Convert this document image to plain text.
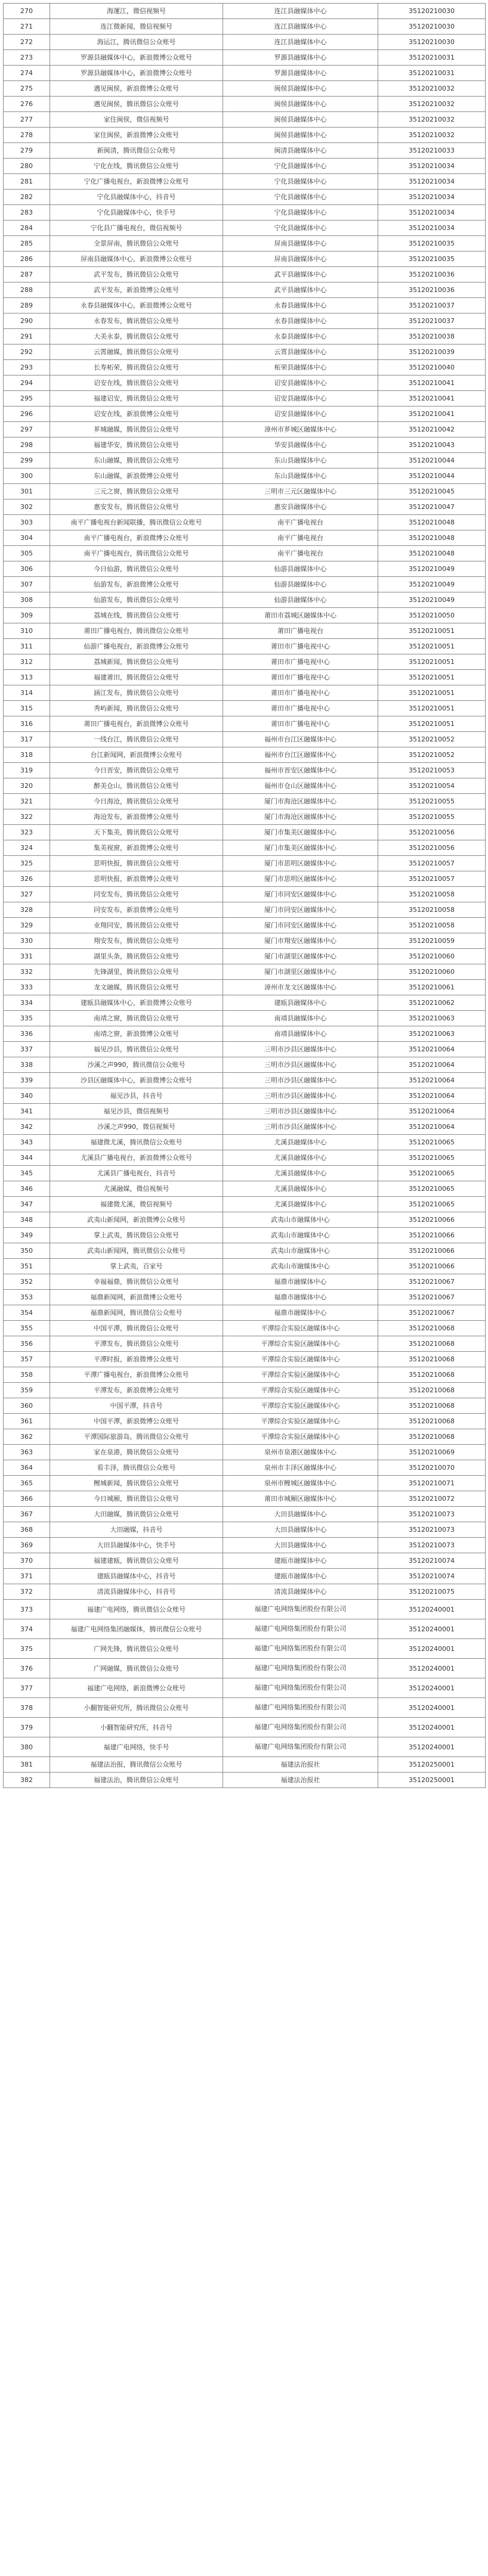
270	海運江，微信视频号	连江县融媒体中心	35120210030
271	连江微新闻，微信视频号	连江县融媒体中心	35120210030
272	海运江，腾讯微信公众账号	连江县融媒体中心	35120210030
273	罗源县融媒体中心，新浪微博公众账号	罗源县融媒体中心	35120210031
274	罗源县融媒体中心，新浪微博公众账号	罗源县融媒体中心	35120210031
275	遇见闽侯，新浪微博公众账号	闽侯县融媒体中心	35120210032
276	遇见闽侯，腾讯微信公众账号	闽侯县融媒体中心	35120210032
277	家住闽侯，微信视频号	闽侯县融媒体中心	35120210032
278	家住闽侯，新浪微博公众账号	闽侯县融媒体中心	35120210032
279	新闽清，腾讯微信公众账号	闽清县融媒体中心	35120210033
280	宁化在线，腾讯微信公众账号	宁化县融媒体中心	35120210034
281	宁化广播电视台，新浪微博公众账号	宁化县融媒体中心	35120210034
282	宁化县融媒体中心，抖音号	宁化县融媒体中心	35120210034
283	宁化县融媒体中心，快手号	宁化县融媒体中心	35120210034
284	宁化县广播电视台，微信视频号	宁化县融媒体中心	35120210034
285	全景屏南，腾讯微信公众账号	屏南县融媒体中心	35120210035
286	屏南县融媒体中心，新浪微博公众账号	屏南县融媒体中心	35120210035
287	武平发布，腾讯微信公众账号	武平县融媒体中心	35120210036
288	武平发布，新浪微博公众账号	武平县融媒体中心	35120210036
289	永春县融媒体中心，新浪微博公众账号	永春县融媒体中心	35120210037
290	永春发布，腾讯微信公众账号	永春县融媒体中心	35120210037
291	大美永泰，腾讯微信公众账号	永泰县融媒体中心	35120210038
292	云霄融媒，腾讯微信公众账号	云霄县融媒体中心	35120210039
293	长寿柘荣，腾讯微信公众账号	柘荣县融媒体中心	35120210040
294	诏安在线，腾讯微信公众账号	诏安县融媒体中心	35120210041
295	福建诏安，腾讯微信公众账号	诏安县融媒体中心	35120210041
296	诏安在线，新浪微博公众账号	诏安县融媒体中心	35120210041
297	芗城融媒，腾讯微信公众账号	漳州市芗城区融媒体中心	35120210042
298	福建华安，腾讯微信公众账号	华安县融媒体中心	35120210043
299	东山融媒，腾讯微信公众账号	东山县融媒体中心	35120210044
300	东山融媒，新浪微博公众账号	东山县融媒体中心	35120210044
301	三元之窗，腾讯微信公众账号	三明市三元区融媒体中心	35120210045
302	惠安发布，腾讯微信公众账号	惠安县融媒体中心	35120210047
303	南平广播电视台新闻联播，腾讯微信公众账号	南平广播电视台	35120210048
304	南平广播电视台，新浪微博公众账号	南平广播电视台	35120210048
305	南平广播电视台，腾讯微信公众账号	南平广播电视台	35120210048
306	今日仙游，腾讯微信公众账号	仙游县融媒体中心	35120210049
307	仙游发布，新浪微博公众账号	仙游县融媒体中心	35120210049
308	仙游发布，腾讯微信公众账号	仙游县融媒体中心	35120210049
309	荔城在线，腾讯微信公众账号	莆田市荔城区融媒体中心	35120210050
310	莆田广播电视台，腾讯微信公众账号	莆田广播电视台	35120210051
311	仙游广播电视台，新浪微博公众账号	莆田市广播电视中心	35120210051
312	荔城新闻，腾讯微信公众账号	莆田市广播电视中心	35120210051
313	福建莆田，腾讯微信公众账号	莆田市广播电视中心	35120210051
314	涵江发布，腾讯微信公众账号	莆田市广播电视中心	35120210051
315	秀屿新闻，腾讯微信公众账号	莆田市广播电视中心	35120210051
316	莆田广播电视台，新浪微博公众账号	莆田市广播电视中心	35120210051
317	一线台江，腾讯微信公众账号	福州市台江区融媒体中心	35120210052
318	台江新闻网，新浪微博公众账号	福州市台江区融媒体中心	35120210052
319	今日晋安，腾讯微信公众账号	福州市晋安区融媒体中心	35120210053
320	醉美仓山，腾讯微信公众账号	福州市仓山区融媒体中心	35120210054
321	今日海沧，腾讯微信公众账号	厦门市海沧区融媒体中心	35120210055
322	海沧发布，新浪微博公众账号	厦门市海沧区融媒体中心	35120210055
323	天下集美，腾讯微信公众账号	厦门市集美区融媒体中心	35120210056
324	集美视窗，新浪微博公众账号	厦门市集美区融媒体中心	35120210056
325	思明快报，腾讯微信公众账号	厦门市思明区融媒体中心	35120210057
326	思明快报，新浪微博公众账号	厦门市思明区融媒体中心	35120210057
327	同安发布，腾讯微信公众账号	厦门市同安区融媒体中心	35120210058
328	同安发布，新浪微博公众账号	厦门市同安区融媒体中心	35120210058
329	业翔同安，腾讯微信公众账号	厦门市同安区融媒体中心	35120210058
330	翔安发布，腾讯微信公众账号	厦门市翔安区融媒体中心	35120210059
331	湖里头条，腾讯微信公众账号	厦门市湖里区融媒体中心	35120210060
332	先锋湖里，腾讯微信公众账号	厦门市湖里区融媒体中心	35120210060
333	龙文融媒，腾讯微信公众账号	漳州市龙文区融媒体中心	35120210061
334	建瓯县融媒体中心，新浪微博公众账号	建瓯县融媒体中心	35120210062
335	南靖之窗，腾讯微信公众账号	南靖县融媒体中心	35120210063
336	南靖之窗，新浪微博公众账号	南靖县融媒体中心	35120210063
337	福见沙县，腾讯微信公众账号	三明市沙县区融媒体中心	35120210064
338	沙溪之声990，腾讯微信公众账号	三明市沙县区融媒体中心	35120210064
339	沙县区融媒体中心，新浪微博公众账号	三明市沙县区融媒体中心	35120210064
340	福见沙县，抖音号	三明市沙县区融媒体中心	35120210064
341	福见沙县，微信视频号	三明市沙县区融媒体中心	35120210064
342	沙溪之声990，微信视频号	三明市沙县区融媒体中心	35120210064
343	福建微尤溪，腾讯微信公众账号	尤溪县融媒体中心	35120210065
344	尤溪县广播电视台，新浪微博公众账号	尤溪县融媒体中心	35120210065
345	尤溪县广播电视台，抖音号	尤溪县融媒体中心	35120210065
346	尤溪融媒，微信视频号	尤溪县融媒体中心	35120210065
347	福建微尤溪，微信视频号	尤溪县融媒体中心	35120210065
348	武夷山新闻网，新浪微博公众账号	武夷山市融媒体中心	35120210066
349	掌上武夷，腾讯微信公众账号	武夷山市融媒体中心	35120210066
350	武夷山新闻网，腾讯微信公众账号	武夷山市融媒体中心	35120210066
351	掌上武夷，百家号	武夷山市融媒体中心	35120210066
352	幸福福鼎，腾讯微信公众账号	福鼎市融媒体中心	35120210067
353	福鼎新闻网，新浪微博公众账号	福鼎市融媒体中心	35120210067
354	福鼎新闻网，腾讯微信公众账号	福鼎市融媒体中心	35120210067
355	中国平潭，腾讯微信公众账号	平潭综合实验区融媒体中心	35120210068
356	平潭发布，腾讯微信公众账号	平潭综合实验区融媒体中心	35120210068
357	平潭时报，新浪微博公众账号	平潭综合实验区融媒体中心	35120210068
358	平潭广播电视台，新浪微博公众账号	平潭综合实验区融媒体中心	35120210068
359	平潭发布，新浪微博公众账号	平潭综合实验区融媒体中心	35120210068
360	中国平潭，抖音号	平潭综合实验区融媒体中心	35120210068
361	中国平潭，新浪微博公众账号	平潭综合实验区融媒体中心	35120210068
362	平潭国际旅游岛，腾讯微信公众账号	平潭综合实验区融媒体中心	35120210068
363	家在泉港，腾讯微信公众账号	泉州市泉港区融媒体中心	35120210069
364	看丰泽，腾讯微信公众账号	泉州市丰泽区融媒体中心	35120210070
365	鲤城新闻，腾讯微信公众账号	泉州市鲤城区融媒体中心	35120210071
366	今日城厢，腾讯微信公众账号	莆田市城厢区融媒体中心	35120210072
367	大田融媒，腾讯微信公众账号	大田县融媒体中心	35120210073
368	大田融媒，抖音号	大田县融媒体中心	35120210073
369	大田县融媒体中心，快手号	大田县融媒体中心	35120210073
370	福建建瓯，腾讯微信公众账号	建瓯市融媒体中心	35120210074
371	建瓯县融媒体中心，抖音号	建瓯市融媒体中心	35120210074
372	清流县融媒体中心，抖音号	清流县融媒体中心	35120210075
373	福建广电网络，腾讯微信公众账号	福建广电网络集团股份有限公司	35120240001
374	福建广电网络集团融媒体，腾讯微信公众账号	福建广电网络集团股份有限公司	35120240001
375	广网先锋，腾讯微信公众账号	福建广电网络集团股份有限公司	35120240001
376	广网融媒，腾讯微信公众账号	福建广电网络集团股份有限公司	35120240001
377	福建广电网络，新浪微博公众账号	福建广电网络集团股份有限公司	35120240001
378	小翻智能研究所，腾讯微信公众账号	福建广电网络集团股份有限公司	35120240001
379	小翻智能研究所，抖音号	福建广电网络集团股份有限公司	35120240001
380	福建广电网络，快手号	福建广电网络集团股份有限公司	35120240001
381	福建法治报，腾讯微信公众账号	福建法治报社	35120250001
382	福建法治，腾讯微信公众账号	福建法治报社	35120250001
